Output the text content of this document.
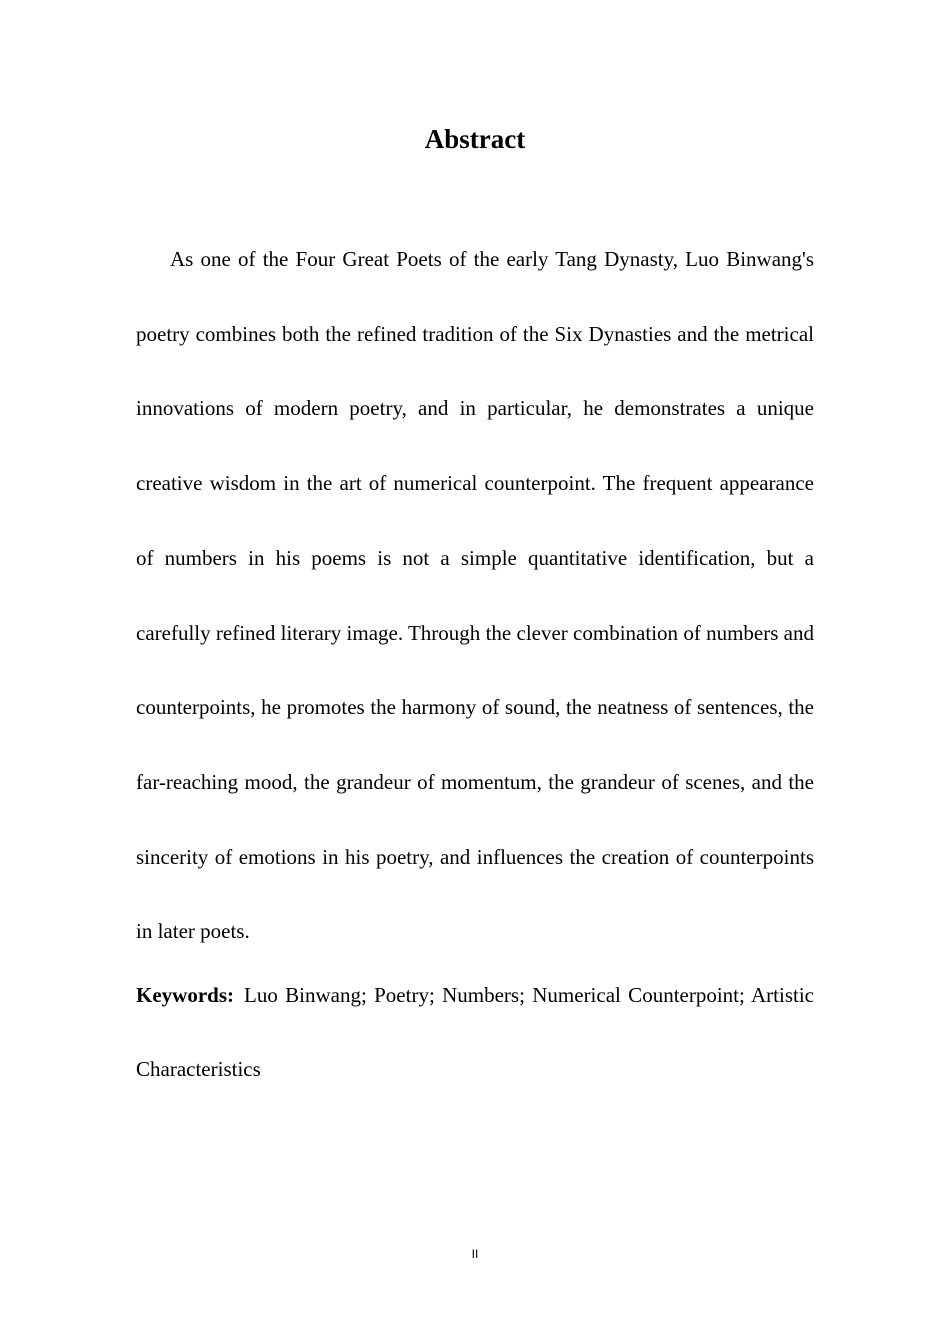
Abstract

As one of the Four Great Poets of the early Tang Dynasty, Luo Binwang's poetry combines both the refined tradition of the Six Dynasties and the metrical innovations of modern poetry, and in particular, he demonstrates a unique creative wisdom in the art of numerical counterpoint. The frequent appearance of numbers in his poems is not a simple quantitative identification, but a carefully refined literary image. Through the clever combination of numbers and counterpoints, he promotes the harmony of sound, the neatness of sentences, the far-reaching mood, the grandeur of momentum, the grandeur of scenes, and the sincerity of emotions in his poetry, and influences the creation of counterpoints in later poets.

Keywords: Luo Binwang; Poetry; Numbers; Numerical Counterpoint; Artistic Characteristics

II
